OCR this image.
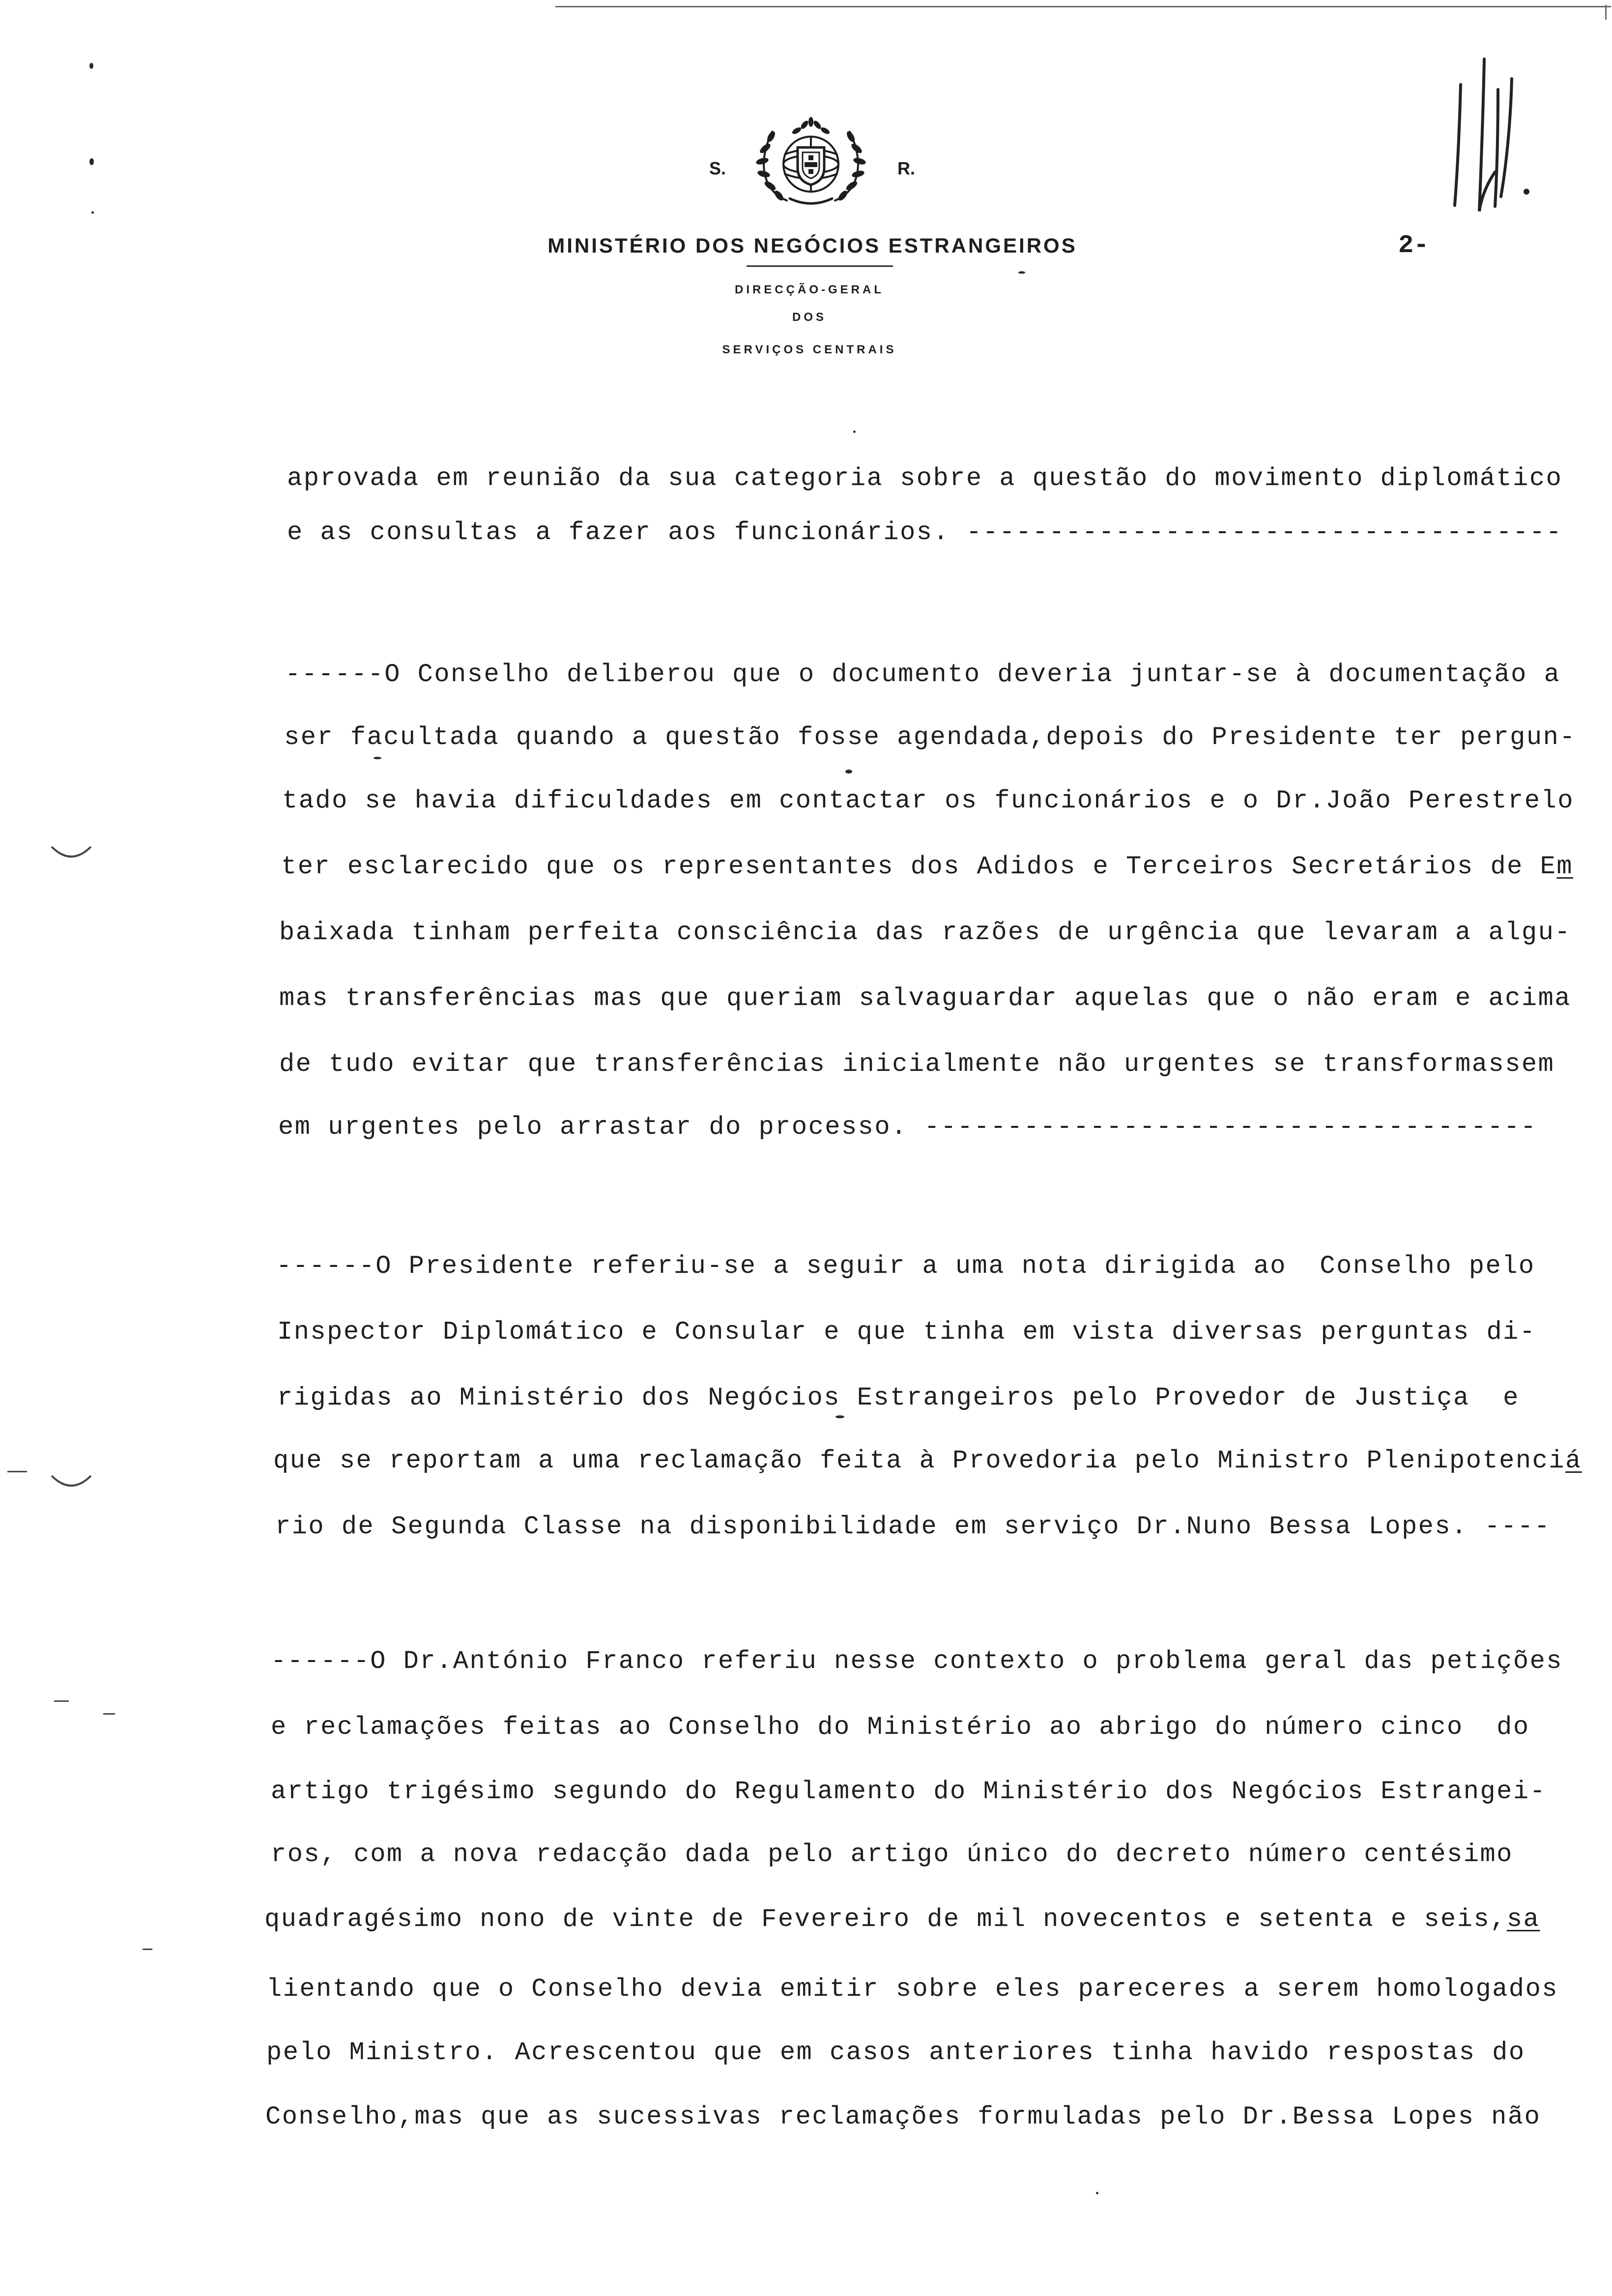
S.	R.
MINISTÉRIO DOS NEGÓCIOS ESTRANGEIROS
DIRECÇÃO-GERAL
DOS
SERVIÇOS CENTRAIS
2-
aprovada em reunião da sua categoria sobre a questão do movimento diplomático
e as consultas a fazer aos funcionários. ------------------------------------
------O Conselho deliberou que o documento deveria juntar-se à documentação a
ser facultada quando a questão fosse agendada,depois do Presidente ter pergun-
tado se havia dificuldades em contactar os funcionários e o Dr.João Perestrelo
ter esclarecido que os representantes dos Adidos e Terceiros Secretários de Em
baixada tinham perfeita consciência das razões de urgência que levaram a algu-
mas transferências mas que queriam salvaguardar aquelas que o não eram e acima
de tudo evitar que transferências inicialmente não urgentes se transformassem
em urgentes pelo arrastar do processo. -------------------------------------
------O Presidente referiu-se a seguir a uma nota dirigida ao  Conselho pelo
Inspector Diplomático e Consular e que tinha em vista diversas perguntas di-
rigidas ao Ministério dos Negócios Estrangeiros pelo Provedor de Justiça  e
que se reportam a uma reclamação feita à Provedoria pelo Ministro Plenipotenciá
rio de Segunda Classe na disponibilidade em serviço Dr.Nuno Bessa Lopes. ----
------O Dr.António Franco referiu nesse contexto o problema geral das petições
e reclamações feitas ao Conselho do Ministério ao abrigo do número cinco  do
artigo trigésimo segundo do Regulamento do Ministério dos Negócios Estrangei-
ros, com a nova redacção dada pelo artigo único do decreto número centésimo
quadragésimo nono de vinte de Fevereiro de mil novecentos e setenta e seis,sa
lientando que o Conselho devia emitir sobre eles pareceres a serem homologados
pelo Ministro. Acrescentou que em casos anteriores tinha havido respostas do
Conselho,mas que as sucessivas reclamações formuladas pelo Dr.Bessa Lopes não
